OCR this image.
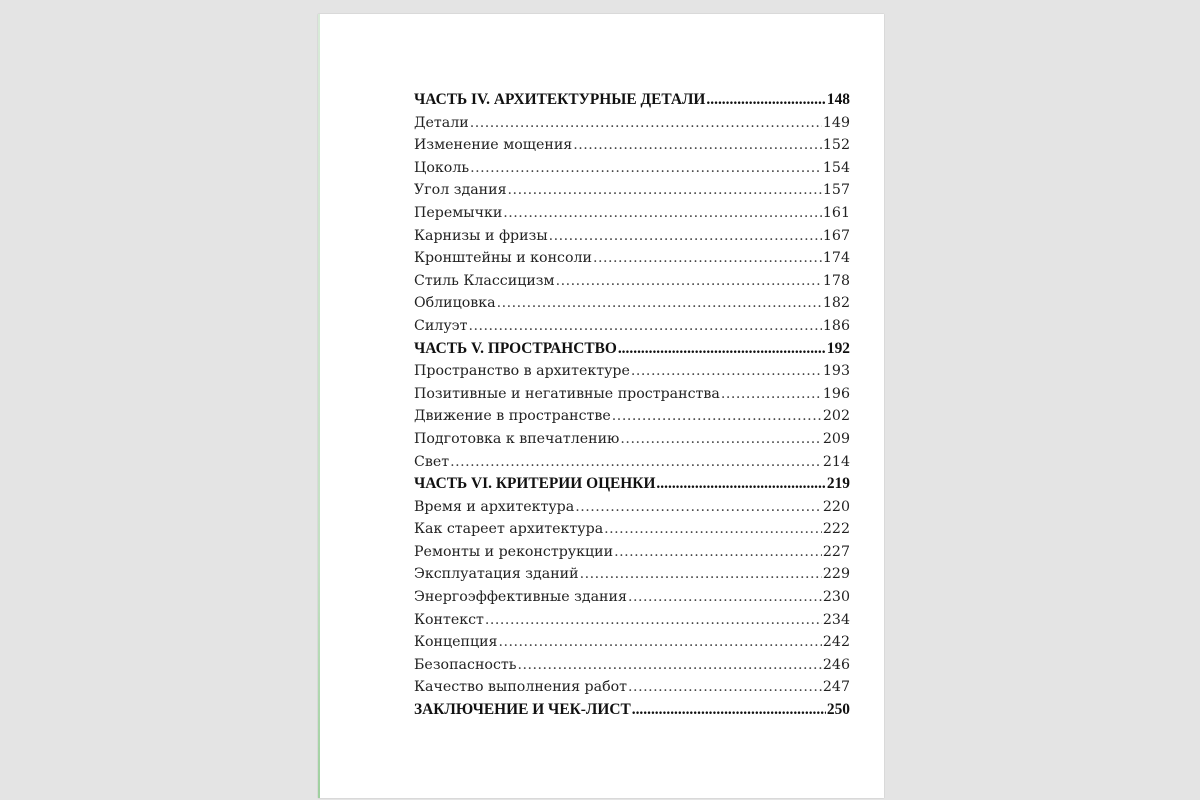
ЧАСТЬ IV. АРХИТЕКТУРНЫЕ ДЕТАЛИ .....	148
Детали .....	149
Изменение мощения .....	152
Цоколь .....	154
Угол здания .....	157
Перемычки .....	161
Карнизы и фризы .....	167
Кронштейны и консоли .....	174
Стиль Классицизм .....	178
Облицовка .....	182
Силуэт .....	186
ЧАСТЬ V. ПРОСТРАНСТВО .....	192
Пространство в архитектуре .....	193
Позитивные и негативные пространства .....	196
Движение в пространстве .....	202
Подготовка к впечатлению .....	209
Свет .....	214
ЧАСТЬ VI. КРИТЕРИИ ОЦЕНКИ .....	219
Время и архитектура .....	220
Как стареет архитектура .....	222
Ремонты и реконструкции .....	227
Эксплуатация зданий .....	229
Энергоэффективные здания .....	230
Контекст .....	234
Концепция .....	242
Безопасность .....	246
Качество выполнения работ .....	247
ЗАКЛЮЧЕНИЕ И ЧЕК-ЛИСТ .....	250
